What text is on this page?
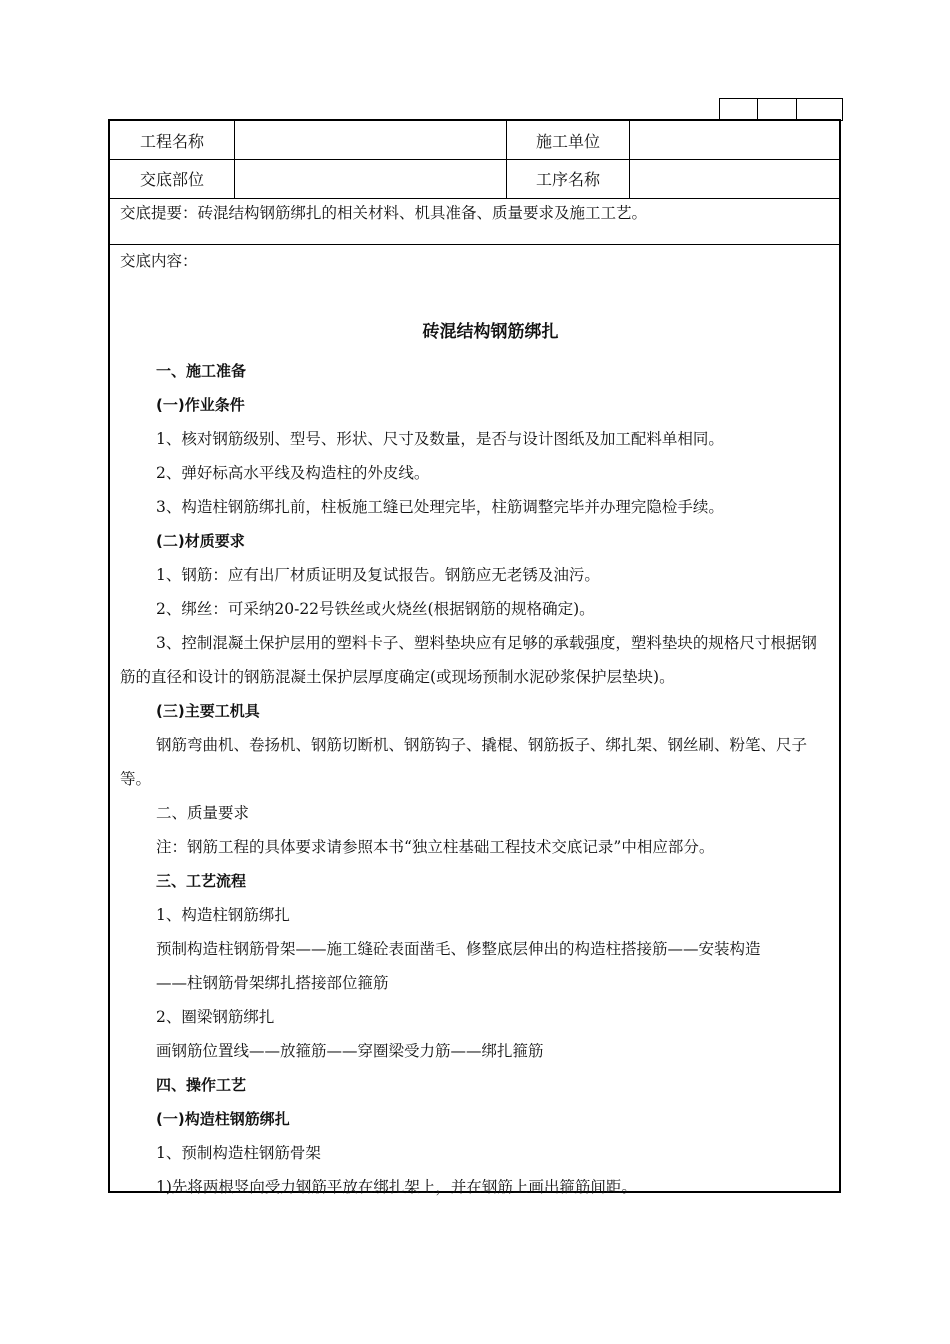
工程名称	施工单位
交底部位	工序名称
交底提要：砖混结构钢筋绑扎的相关材料、机具准备、质量要求及施工工艺。
交底内容：
砖混结构钢筋绑扎
一、施工准备
(一)作业条件
1、核对钢筋级别、型号、形状、尺寸及数量，是否与设计图纸及加工配料单相同。
2、弹好标高水平线及构造柱的外皮线。
3、构造柱钢筋绑扎前，柱板施工缝已处理完毕，柱筋调整完毕并办理完隐检手续。
(二)材质要求
1、钢筋：应有出厂材质证明及复试报告。钢筋应无老锈及油污。
2、绑丝：可采纳20-22号铁丝或火烧丝(根据钢筋的规格确定)。
3、控制混凝土保护层用的塑料卡子、塑料垫块应有足够的承载强度，塑料垫块的规格尺寸根据钢筋的直径和设计的钢筋混凝土保护层厚度确定(或现场预制水泥砂浆保护层垫块)。
(三)主要工机具
钢筋弯曲机、卷扬机、钢筋切断机、钢筋钩子、撬棍、钢筋扳子、绑扎架、钢丝刷、粉笔、尺子等。
二、质量要求
注：钢筋工程的具体要求请参照本书“独立柱基础工程技术交底记录”中相应部分。
三、工艺流程
1、构造柱钢筋绑扎
预制构造柱钢筋骨架——施工缝砼表面凿毛、修整底层伸出的构造柱搭接筋——安装构造
——柱钢筋骨架绑扎搭接部位箍筋
2、圈梁钢筋绑扎
画钢筋位置线——放箍筋——穿圈梁受力筋——绑扎箍筋
四、操作工艺
(一)构造柱钢筋绑扎
1、预制构造柱钢筋骨架
1)先将两根竖向受力钢筋平放在绑扎架上，并在钢筋上画出箍筋间距。
